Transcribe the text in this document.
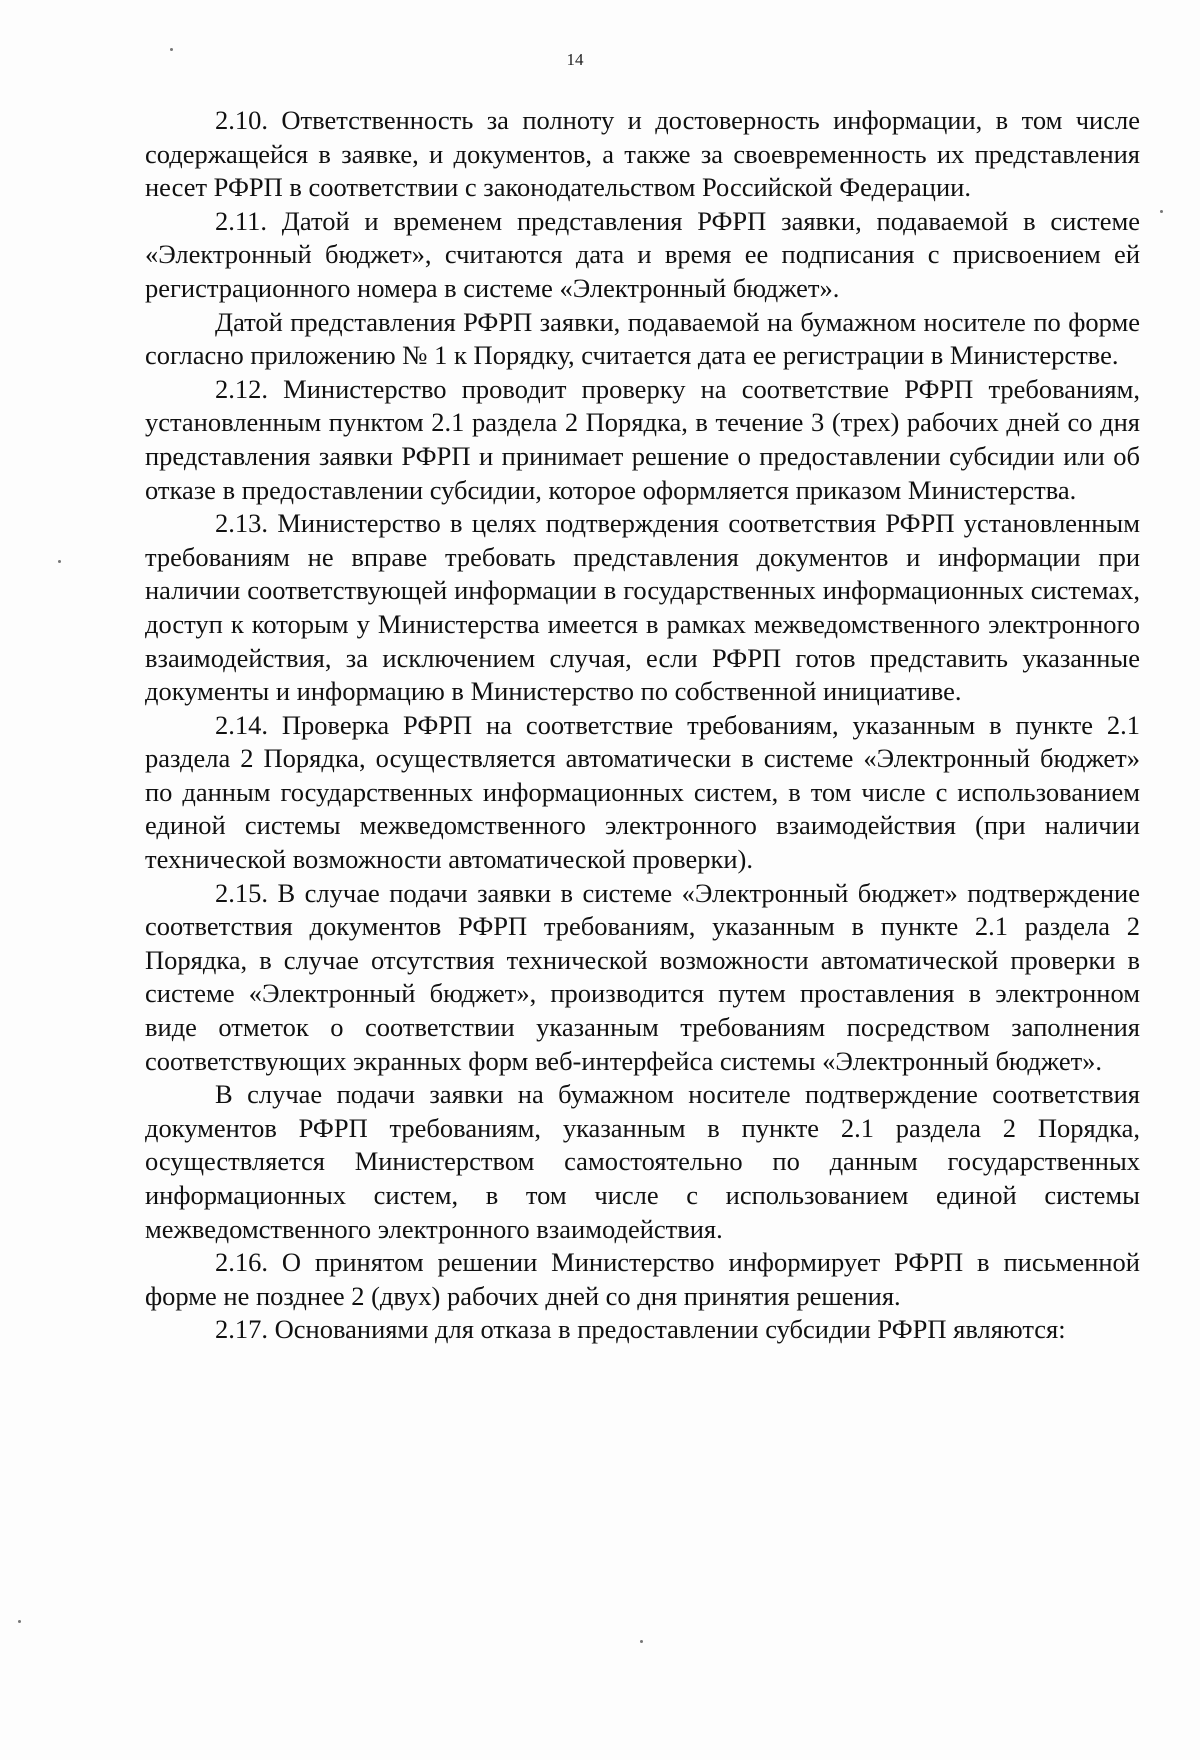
14

2.10. Ответственность за полноту и достоверность информации, в том числе содержащейся в заявке, и документов, а также за своевременность их представления несет РФРП в соответствии с законодательством Российской Федерации.

2.11. Датой и временем представления РФРП заявки, подаваемой в системе «Электронный бюджет», считаются дата и время ее подписания с присвоением ей регистрационного номера в системе «Электронный бюджет».

Датой представления РФРП заявки, подаваемой на бумажном носителе по форме согласно приложению № 1 к Порядку, считается дата ее регистрации в Министерстве.

2.12. Министерство проводит проверку на соответствие РФРП требованиям, установленным пунктом 2.1 раздела 2 Порядка, в течение 3 (трех) рабочих дней со дня представления заявки РФРП и принимает решение о предоставлении субсидии или об отказе в предоставлении субсидии, которое оформляется приказом Министерства.

2.13. Министерство в целях подтверждения соответствия РФРП установленным требованиям не вправе требовать представления документов и информации при наличии соответствующей информации в государственных информационных системах, доступ к которым у Министерства имеется в рамках межведомственного электронного взаимодействия, за исключением случая, если РФРП готов представить указанные документы и информацию в Министерство по собственной инициативе.

2.14. Проверка РФРП на соответствие требованиям, указанным в пункте 2.1 раздела 2 Порядка, осуществляется автоматически в системе «Электронный бюджет» по данным государственных информационных систем, в том числе с использованием единой системы межведомственного электронного взаимодействия (при наличии технической возможности автоматической проверки).

2.15. В случае подачи заявки в системе «Электронный бюджет» подтверждение соответствия документов РФРП требованиям, указанным в пункте 2.1 раздела 2 Порядка, в случае отсутствия технической возможности автоматической проверки в системе «Электронный бюджет», производится путем проставления в электронном виде отметок о соответствии указанным требованиям посредством заполнения соответствующих экранных форм веб-интерфейса системы «Электронный бюджет».

В случае подачи заявки на бумажном носителе подтверждение соответствия документов РФРП требованиям, указанным в пункте 2.1 раздела 2 Порядка, осуществляется Министерством самостоятельно по данным государственных информационных систем, в том числе с использованием единой системы межведомственного электронного взаимодействия.

2.16. О принятом решении Министерство информирует РФРП в письменной форме не позднее 2 (двух) рабочих дней со дня принятия решения.

2.17. Основаниями для отказа в предоставлении субсидии РФРП являются:
